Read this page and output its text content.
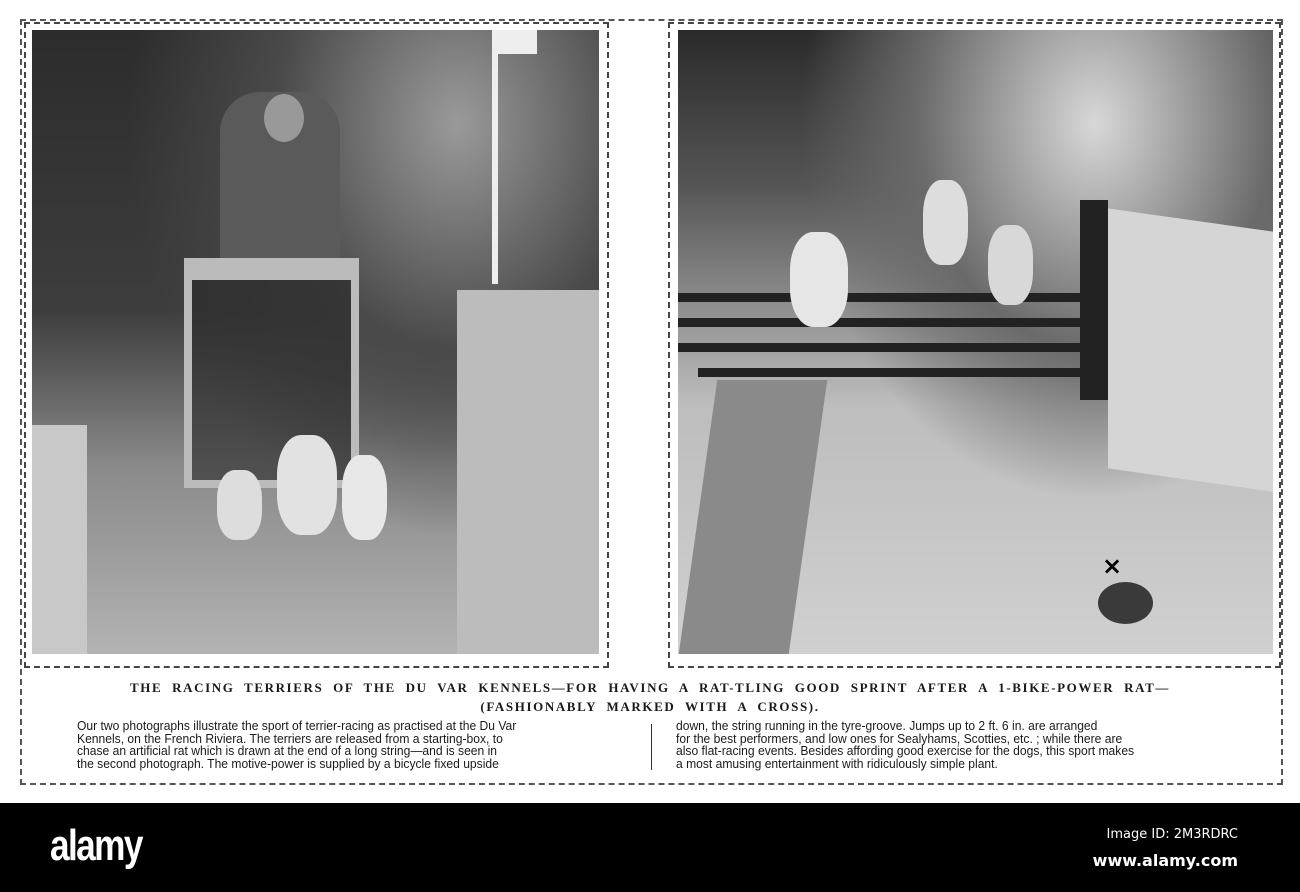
×
THE RACING TERRIERS OF THE DU VAR KENNELS—FOR HAVING A RAT-TLING GOOD SPRINT AFTER A 1-BIKE-POWER RAT—
(FASHIONABLY MARKED WITH A CROSS).
Our two photographs illustrate the sport of terrier-racing as practised at the Du Var
Kennels, on the French Riviera. The terriers are released from a starting-box, to
chase an artificial rat which is drawn at the end of a long string—and is seen in
the second photograph. The motive-power is supplied by a bicycle fixed upside
down, the string running in the tyre-groove. Jumps up to 2 ft. 6 in. are arranged
for the best performers, and low ones for Sealyhams, Scotties, etc. ; while there are
also flat-racing events. Besides affording good exercise for the dogs, this sport makes
a most amusing entertainment with ridiculously simple plant.
alamy	Image ID: 2M3RDRC
www.alamy.com
